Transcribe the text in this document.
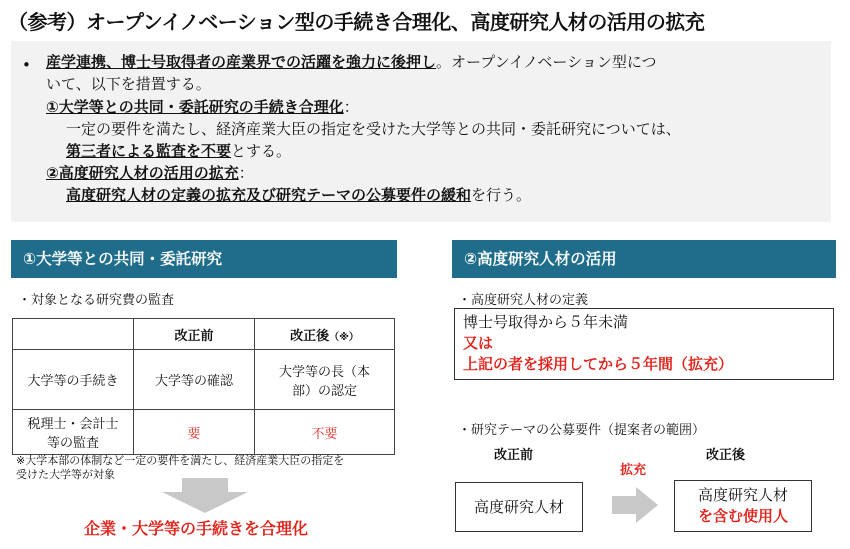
（参考）オープンイノベーション型の手続き合理化、高度研究人材の活用の拡充
• 産学連携、博士号取得者の産業界での活躍を強力に後押し。オープンイノベーション型につ
いて、以下を措置する。
①大学等との共同・委託研究の手続き合理化：
一定の要件を満たし、経済産業大臣の指定を受けた大学等との共同・委託研究については、
第三者による監査を不要とする。
②高度研究人材の活用の拡充：
高度研究人材の定義の拡充及び研究テーマの公募要件の緩和を行う。
①大学等との共同・委託研究
・対象となる研究費の監査
	改正前	改正後（※）
大学等の手続き	大学等の確認	大学等の長（本
部）の認定

税理士・会計士
等の監査	要	不要
※大学本部の体制など一定の要件を満たし、経済産業大臣の指定を
受けた大学等が対象
企業・大学等の手続きを合理化
②高度研究人材の活用
・高度研究人材の定義
博士号取得から５年未満
又は
上記の者を採用してから５年間（拡充）
・研究テーマの公募要件（提案者の範囲）
改正前
拡充
改正後
高度研究人材
高度研究人材
を含む使用人
